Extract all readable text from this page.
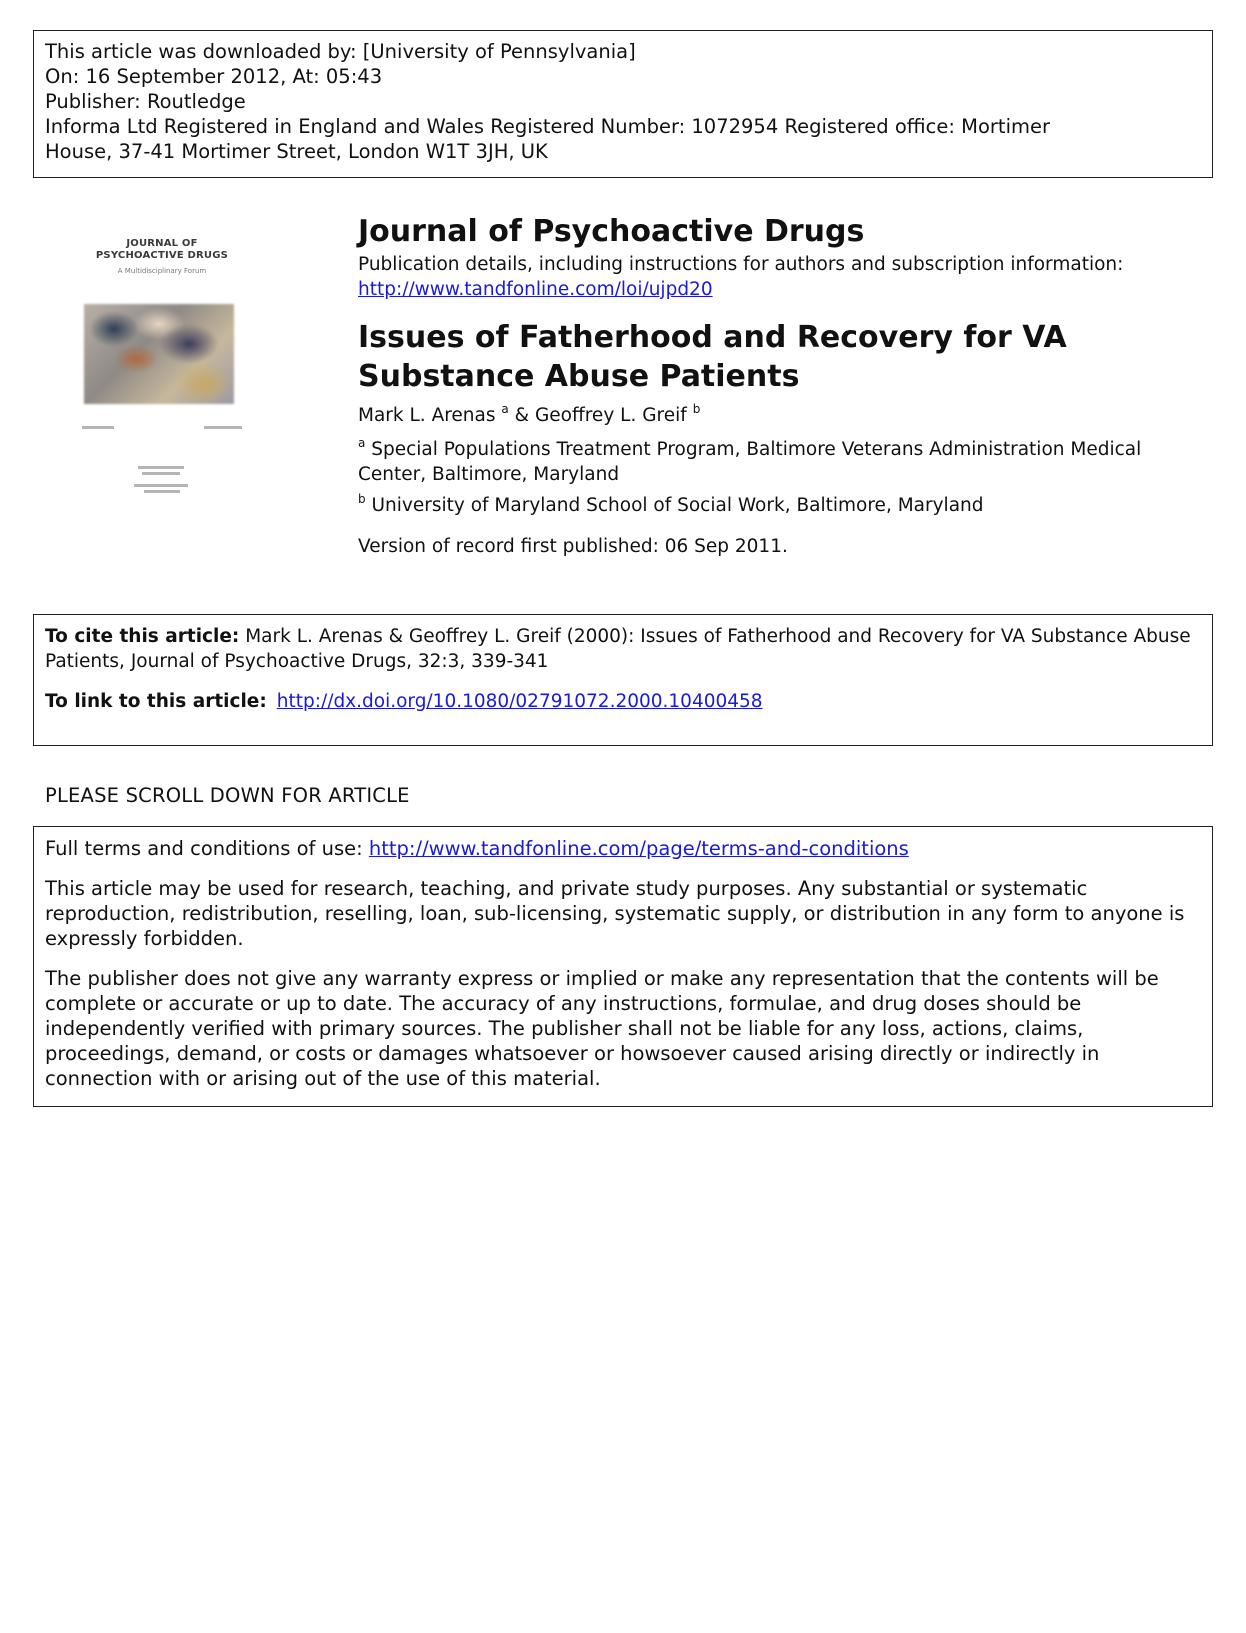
This article was downloaded by: [University of Pennsylvania]
On: 16 September 2012, At: 05:43
Publisher: Routledge
Informa Ltd Registered in England and Wales Registered Number: 1072954 Registered office: Mortimer
House, 37-41 Mortimer Street, London W1T 3JH, UK
JOURNAL OF
PSYCHOACTIVE DRUGS
A Multidisciplinary Forum
Journal of Psychoactive Drugs
Publication details, including instructions for authors and subscription information:
http://www.tandfonline.com/loi/ujpd20
Issues of Fatherhood and Recovery for VA Substance Abuse Patients
Mark L. Arenas $^a$ & Geoffrey L. Greif $^b$
$^a$ Special Populations Treatment Program, Baltimore Veterans Administration Medical Center, Baltimore, Maryland
$^b$ University of Maryland School of Social Work, Baltimore, Maryland
Version of record first published: 06 Sep 2011.
To cite this article: Mark L. Arenas & Geoffrey L. Greif (2000): Issues of Fatherhood and Recovery for VA Substance Abuse Patients, Journal of Psychoactive Drugs, 32:3, 339-341
To link to this article: http://dx.doi.org/10.1080/02791072.2000.10400458
PLEASE SCROLL DOWN FOR ARTICLE
Full terms and conditions of use: http://www.tandfonline.com/page/terms-and-conditions
This article may be used for research, teaching, and private study purposes. Any substantial or systematic reproduction, redistribution, reselling, loan, sub-licensing, systematic supply, or distribution in any form to anyone is expressly forbidden.
The publisher does not give any warranty express or implied or make any representation that the contents will be complete or accurate or up to date. The accuracy of any instructions, formulae, and drug doses should be independently verified with primary sources. The publisher shall not be liable for any loss, actions, claims, proceedings, demand, or costs or damages whatsoever or howsoever caused arising directly or indirectly in connection with or arising out of the use of this material.
